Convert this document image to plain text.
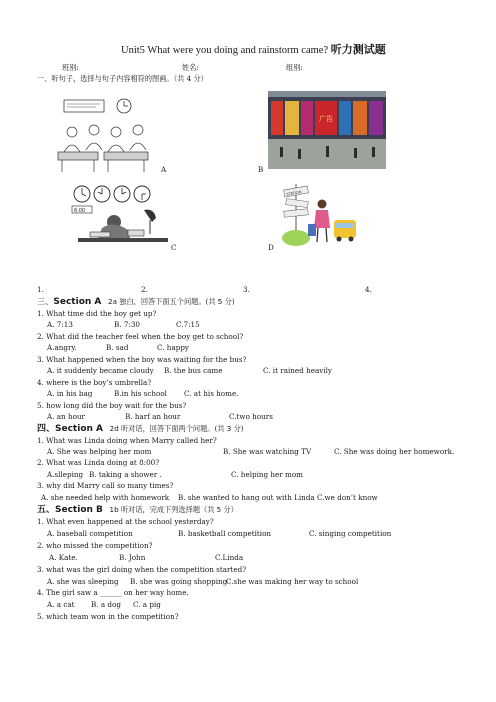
Unit5 What were you doing and rainstorm came? 听力测试题
班别:	姓名:	组别:
一、听句子，选择与句子内容相符的图画。（共 4 分）
A
广告
B
6:00
C
STATION
D
1.	2.	3.	4.
三、Section A 2a 独白，回答下面五个问题。(共 5 分)
1. What time did the boy get up?
A. 7:13	B. 7:30	C.7:15
2. What did the teacher feel when the boy get to school?
A.angry.	B. sad	C. happy
3. What happened when the boy was waiting for the bus?
A. it suddenly became cloudy B. the bus came	C. it rained heavily
4. where is the boy’s umbrella?
A. in his bag	B.in his school C. at his home.
5. how long did the boy wait for the bus?
A. an hour	B. harf an hour	C.two hours
四、Section A 2d 听对话，回答下面两个问题。(共 3 分)
1. What was Linda doing when Marry called her?
A. She was helping her mom	B. She was watching TV	C. She was doing her homework.
2. What was Linda doing at 8:00?
A.slleping B. taking a shower .	C. helping her mom
3. why did Marry call so many times?
A. she needed help with homework B. she wanted to hang out with Linda C.we don’t know
五、Section B 1b 听对话，完成下列选择题（共 5 分）
1. What even happened at the school yesterday?
A. baseball competition	B. basketball competition	C. singing competition
2. who missed the competition?
A. Kate.	B. John	C.Linda
3. what was the girl doing when the competition started?
A. she was sleeping B. she was going shopping
C.she was making her way to school
4. The girl saw a ______ on her way home.
A. a cat B. a dog C. a pig
5. which team won in the competition?
